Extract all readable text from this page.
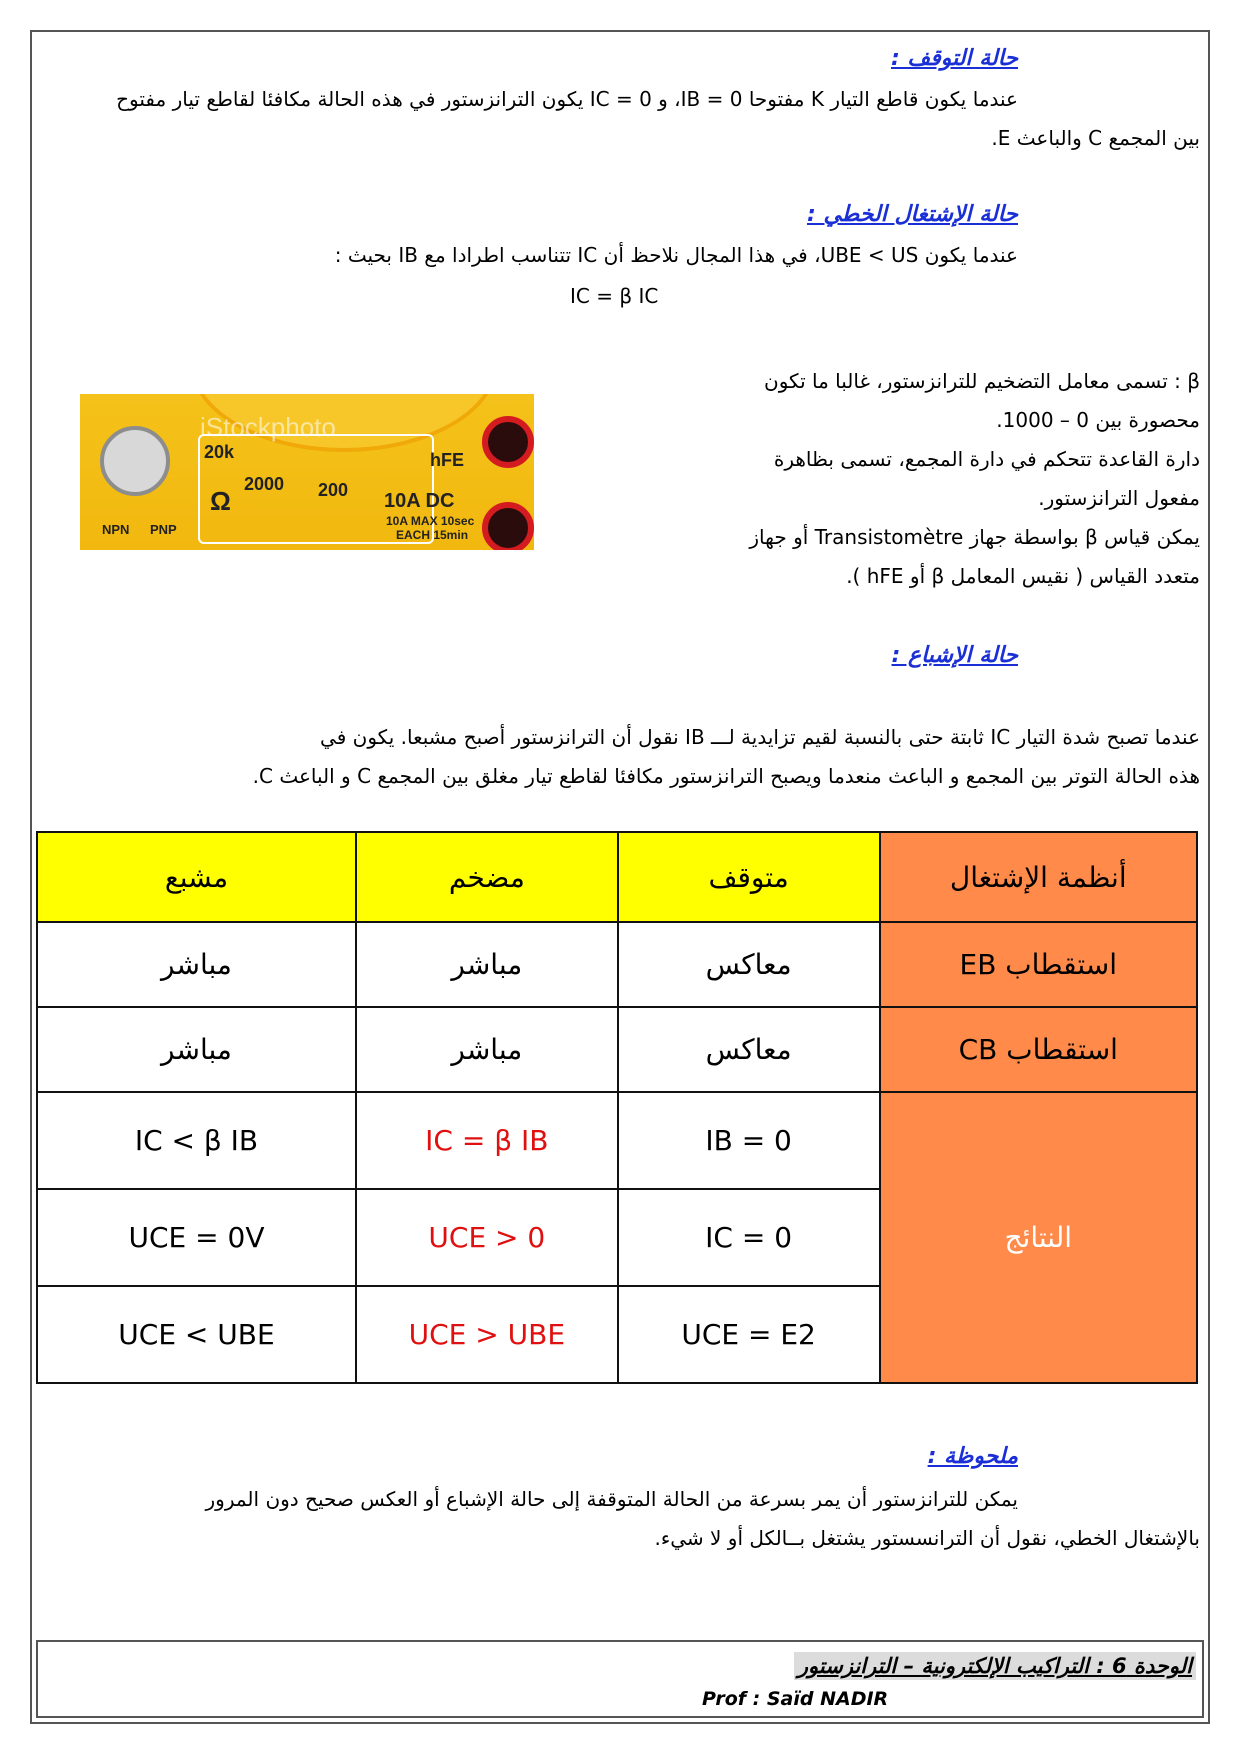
حالة التوقف :
عندما يكون قاطع التيار K مفتوحا IB = 0، و IC = 0 يكون الترانزستور في هذه الحالة مكافئا لقاطع تيار مفتوح
بين المجمع C والباعث E.
حالة الإشتغال الخطي :
عندما يكون UBE < US، في هذا المجال نلاحظ أن IC تتناسب اطرادا مع IB بحيث :
IC = β IC
iStockphoto
20k
2000 200
Ω
hFE
10A DC
10A MAX 10sec
EACH 15min
NPN PNP
β : تسمى معامل التضخيم للترانزستور، غالبا ما تكون
محصورة بين 0 – 1000.
دارة القاعدة تتحكم في دارة المجمع، تسمى بظاهرة
مفعول الترانزستور.
يمكن قياس β بواسطة جهاز Transistomètre أو جهاز
متعدد القياس ( نقيس المعامل β أو hFE ).
حالة الإشباع :
عندما تصبح شدة التيار IC ثابتة حتى بالنسبة لقيم تزايدية لـــ IB نقول أن الترانزستور أصبح مشبعا. يكون في
هذه الحالة التوتر بين المجمع و الباعث منعدما ويصبح الترانزستور مكافئا لقاطع تيار مغلق بين المجمع C و الباعث C.
أنظمة الإشتغال	متوقف	مضخم	مشبع
استقطاب EB	معاكس	مباشر	مباشر
استقطاب CB	معاكس	مباشر	مباشر
النتائج	IB = 0	IC = β IB	IC < β IB
	IC = 0	UCE > 0	UCE = 0V
	UCE = E2	UCE > UBE	UCE < UBE
ملحوظة :
يمكن للترانزستور أن يمر بسرعة من الحالة المتوقفة إلى حالة الإشباع أو العكس صحيح دون المرور
بالإشتغال الخطي، نقول أن الترانسستور يشتغل بــالكل أو لا شيء.
الوحدة 6 : التراكيب الإلكترونية – الترانزستور
Prof : Saïd NADIR
